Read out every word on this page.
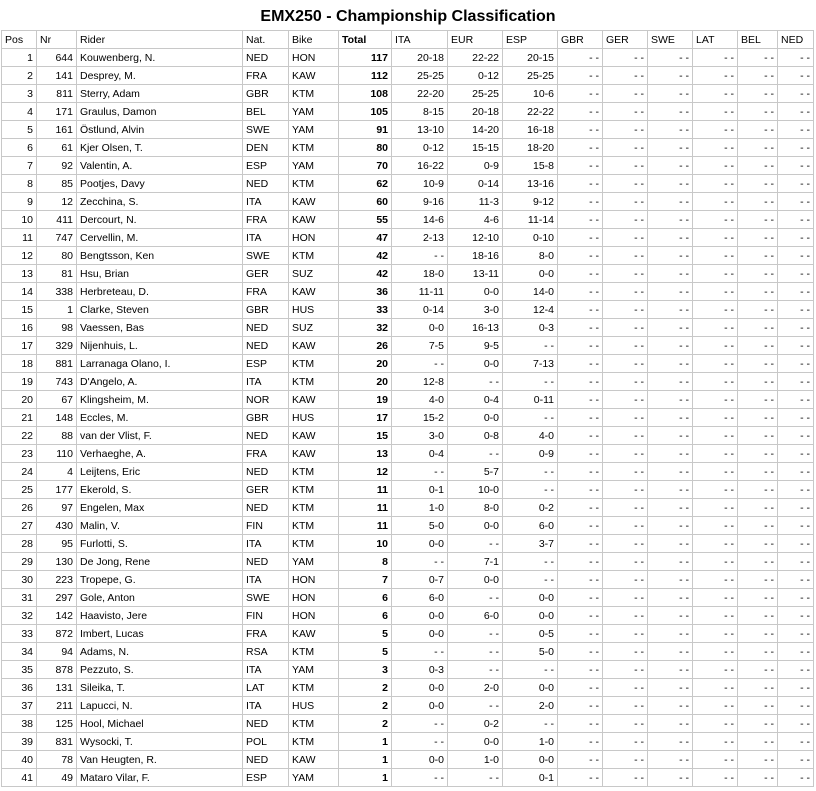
EMX250 - Championship Classification
Pos	Nr	Rider	Nat.	Bike	Total	ITA	EUR	ESP	GBR	GER	SWE	LAT	BEL	NED
1	644	Kouwenberg, N.	NED	HON	117	20-18	22-22	20-15	- -	- -	- -	- -	- -	- -
2	141	Desprey, M.	FRA	KAW	112	25-25	0-12	25-25	- -	- -	- -	- -	- -	- -
3	811	Sterry, Adam	GBR	KTM	108	22-20	25-25	10-6	- -	- -	- -	- -	- -	- -
4	171	Graulus, Damon	BEL	YAM	105	8-15	20-18	22-22	- -	- -	- -	- -	- -	- -
5	161	Östlund, Alvin	SWE	YAM	91	13-10	14-20	16-18	- -	- -	- -	- -	- -	- -
6	61	Kjer Olsen, T.	DEN	KTM	80	0-12	15-15	18-20	- -	- -	- -	- -	- -	- -
7	92	Valentin, A.	ESP	YAM	70	16-22	0-9	15-8	- -	- -	- -	- -	- -	- -
8	85	Pootjes, Davy	NED	KTM	62	10-9	0-14	13-16	- -	- -	- -	- -	- -	- -
9	12	Zecchina, S.	ITA	KAW	60	9-16	11-3	9-12	- -	- -	- -	- -	- -	- -
10	411	Dercourt, N.	FRA	KAW	55	14-6	4-6	11-14	- -	- -	- -	- -	- -	- -
11	747	Cervellin, M.	ITA	HON	47	2-13	12-10	0-10	- -	- -	- -	- -	- -	- -
12	80	Bengtsson, Ken	SWE	KTM	42	- -	18-16	8-0	- -	- -	- -	- -	- -	- -
13	81	Hsu, Brian	GER	SUZ	42	18-0	13-11	0-0	- -	- -	- -	- -	- -	- -
14	338	Herbreteau, D.	FRA	KAW	36	11-11	0-0	14-0	- -	- -	- -	- -	- -	- -
15	1	Clarke, Steven	GBR	HUS	33	0-14	3-0	12-4	- -	- -	- -	- -	- -	- -
16	98	Vaessen, Bas	NED	SUZ	32	0-0	16-13	0-3	- -	- -	- -	- -	- -	- -
17	329	Nijenhuis, L.	NED	KAW	26	7-5	9-5	- -	- -	- -	- -	- -	- -	- -
18	881	Larranaga Olano, I.	ESP	KTM	20	- -	0-0	7-13	- -	- -	- -	- -	- -	- -
19	743	D'Angelo, A.	ITA	KTM	20	12-8	- -	- -	- -	- -	- -	- -	- -	- -
20	67	Klingsheim, M.	NOR	KAW	19	4-0	0-4	0-11	- -	- -	- -	- -	- -	- -
21	148	Eccles, M.	GBR	HUS	17	15-2	0-0	- -	- -	- -	- -	- -	- -	- -
22	88	van der Vlist, F.	NED	KAW	15	3-0	0-8	4-0	- -	- -	- -	- -	- -	- -
23	110	Verhaeghe, A.	FRA	KAW	13	0-4	- -	0-9	- -	- -	- -	- -	- -	- -
24	4	Leijtens, Eric	NED	KTM	12	- -	5-7	- -	- -	- -	- -	- -	- -	- -
25	177	Ekerold, S.	GER	KTM	11	0-1	10-0	- -	- -	- -	- -	- -	- -	- -
26	97	Engelen, Max	NED	KTM	11	1-0	8-0	0-2	- -	- -	- -	- -	- -	- -
27	430	Malin, V.	FIN	KTM	11	5-0	0-0	6-0	- -	- -	- -	- -	- -	- -
28	95	Furlotti, S.	ITA	KTM	10	0-0	- -	3-7	- -	- -	- -	- -	- -	- -
29	130	De Jong, Rene	NED	YAM	8	- -	7-1	- -	- -	- -	- -	- -	- -	- -
30	223	Tropepe, G.	ITA	HON	7	0-7	0-0	- -	- -	- -	- -	- -	- -	- -
31	297	Gole, Anton	SWE	HON	6	6-0	- -	0-0	- -	- -	- -	- -	- -	- -
32	142	Haavisto, Jere	FIN	HON	6	0-0	6-0	0-0	- -	- -	- -	- -	- -	- -
33	872	Imbert, Lucas	FRA	KAW	5	0-0	- -	0-5	- -	- -	- -	- -	- -	- -
34	94	Adams, N.	RSA	KTM	5	- -	- -	5-0	- -	- -	- -	- -	- -	- -
35	878	Pezzuto, S.	ITA	YAM	3	0-3	- -	- -	- -	- -	- -	- -	- -	- -
36	131	Sileika, T.	LAT	KTM	2	0-0	2-0	0-0	- -	- -	- -	- -	- -	- -
37	211	Lapucci, N.	ITA	HUS	2	0-0	- -	2-0	- -	- -	- -	- -	- -	- -
38	125	Hool, Michael	NED	KTM	2	- -	0-2	- -	- -	- -	- -	- -	- -	- -
39	831	Wysocki, T.	POL	KTM	1	- -	0-0	1-0	- -	- -	- -	- -	- -	- -
40	78	Van Heugten, R.	NED	KAW	1	0-0	1-0	0-0	- -	- -	- -	- -	- -	- -
41	49	Mataro Vilar, F.	ESP	YAM	1	- -	- -	0-1	- -	- -	- -	- -	- -	- -
